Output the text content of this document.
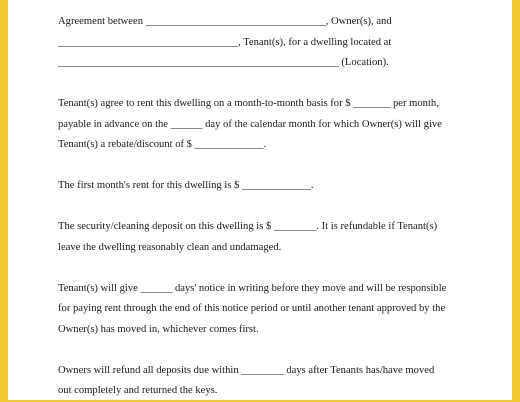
Agreement between __________________________________, Owner(s), and
__________________________________, Tenant(s), for a dwelling located at
_____________________________________________________ (Location).
Tenant(s) agree to rent this dwelling on a month-to-month basis for $ _______ per month,
payable in advance on the ______ day of the calendar month for which Owner(s) will give
Tenant(s) a rebate/discount of $ _____________.
The first month's rent for this dwelling is $ _____________.
The security/cleaning deposit on this dwelling is $ ________. It is refundable if Tenant(s)
leave the dwelling reasonably clean and undamaged.
Tenant(s) will give ______ days' notice in writing before they move and will be responsible
for paying rent through the end of this notice period or until another tenant approved by the
Owner(s) has moved in, whichever comes first.
Owners will refund all deposits due within ________ days after Tenants has/have moved
out completely and returned the keys.
